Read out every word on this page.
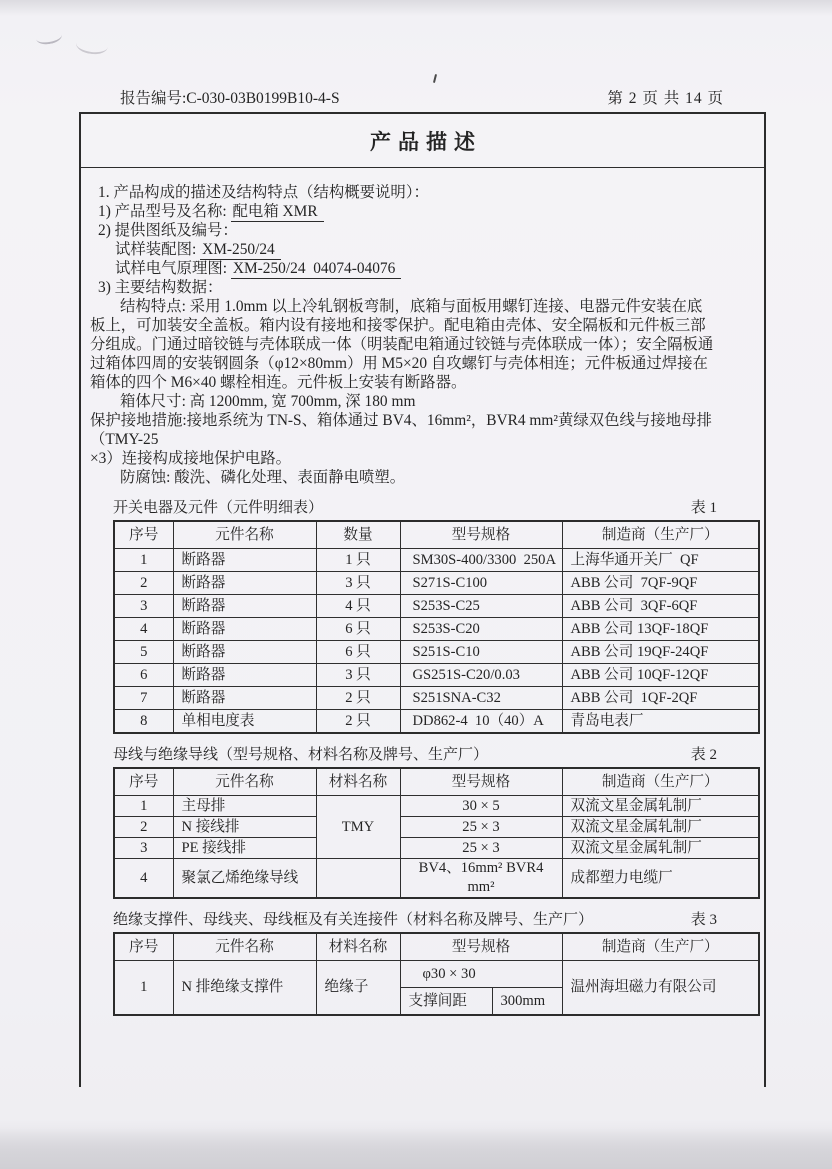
报告编号:C-030-03B0199B10-4-S	第 2 页 共 14 页
产品描述
1. 产品构成的描述及结构特点（结构概要说明）：
1) 产品型号及名称: 配电箱 XMR
2) 提供图纸及编号：
试样装配图: XM-250/24
试样电气原理图: XM-250/24  04074-04076
3) 主要结构数据：
结构特点: 采用 1.0mm 以上冷轧钢板弯制，底箱与面板用螺钉连接、电器元件安装在底
板上，可加装安全盖板。箱内设有接地和接零保护。配电箱由壳体、安全隔板和元件板三部
分组成。门通过暗铰链与壳体联成一体（明装配电箱通过铰链与壳体联成一体）；安全隔板通
过箱体四周的安装钢圆条（φ12×80mm）用 M5×20 自攻螺钉与壳体相连；元件板通过焊接在
箱体的四个 M6×40 螺栓相连。元件板上安装有断路器。
箱体尺寸: 高 1200mm, 宽 700mm, 深 180 mm
保护接地措施:接地系统为 TN-S、箱体通过 BV4、16mm²，BVR4 mm²黄绿双色线与接地母排（TMY-25
×3）连接构成接地保护电路。
防腐蚀: 酸洗、磷化处理、表面静电喷塑。
开关电器及元件（元件明细表）	表 1
序号	元件名称	数量	型号规格	制造商（生产厂）
1	断路器	1 只	SM30S-400/3300  250A	上海华通开关厂  QF
2	断路器	3 只	S271S-C100	ABB 公司  7QF-9QF
3	断路器	4 只	S253S-C25	ABB 公司  3QF-6QF
4	断路器	6 只	S253S-C20	ABB 公司 13QF-18QF
5	断路器	6 只	S251S-C10	ABB 公司 19QF-24QF
6	断路器	3 只	GS251S-C20/0.03	ABB 公司 10QF-12QF
7	断路器	2 只	S251SNA-C32	ABB 公司  1QF-2QF
8	单相电度表	2 只	DD862-4  10（40）A	青岛电表厂
母线与绝缘导线（型号规格、材料名称及牌号、生产厂）	表 2
序号	元件名称	材料名称	型号规格	制造商（生产厂）
1	主母排	TMY	30 × 5	双流文星金属轧制厂
2	N 接线排		25 × 3	双流文星金属轧制厂
3	PE 接线排		25 × 3	双流文星金属轧制厂
4	聚氯乙烯绝缘导线		BV4、16mm² BVR4 mm²	成都塑力电缆厂
绝缘支撑件、母线夹、母线框及有关连接件（材料名称及牌号、生产厂）	表 3
序号	元件名称	材料名称	型号规格		制造商（生产厂）
1	N 排绝缘支撑件	绝缘子	φ30 × 30		温州海坦磁力有限公司
			支撑间距	300mm	
